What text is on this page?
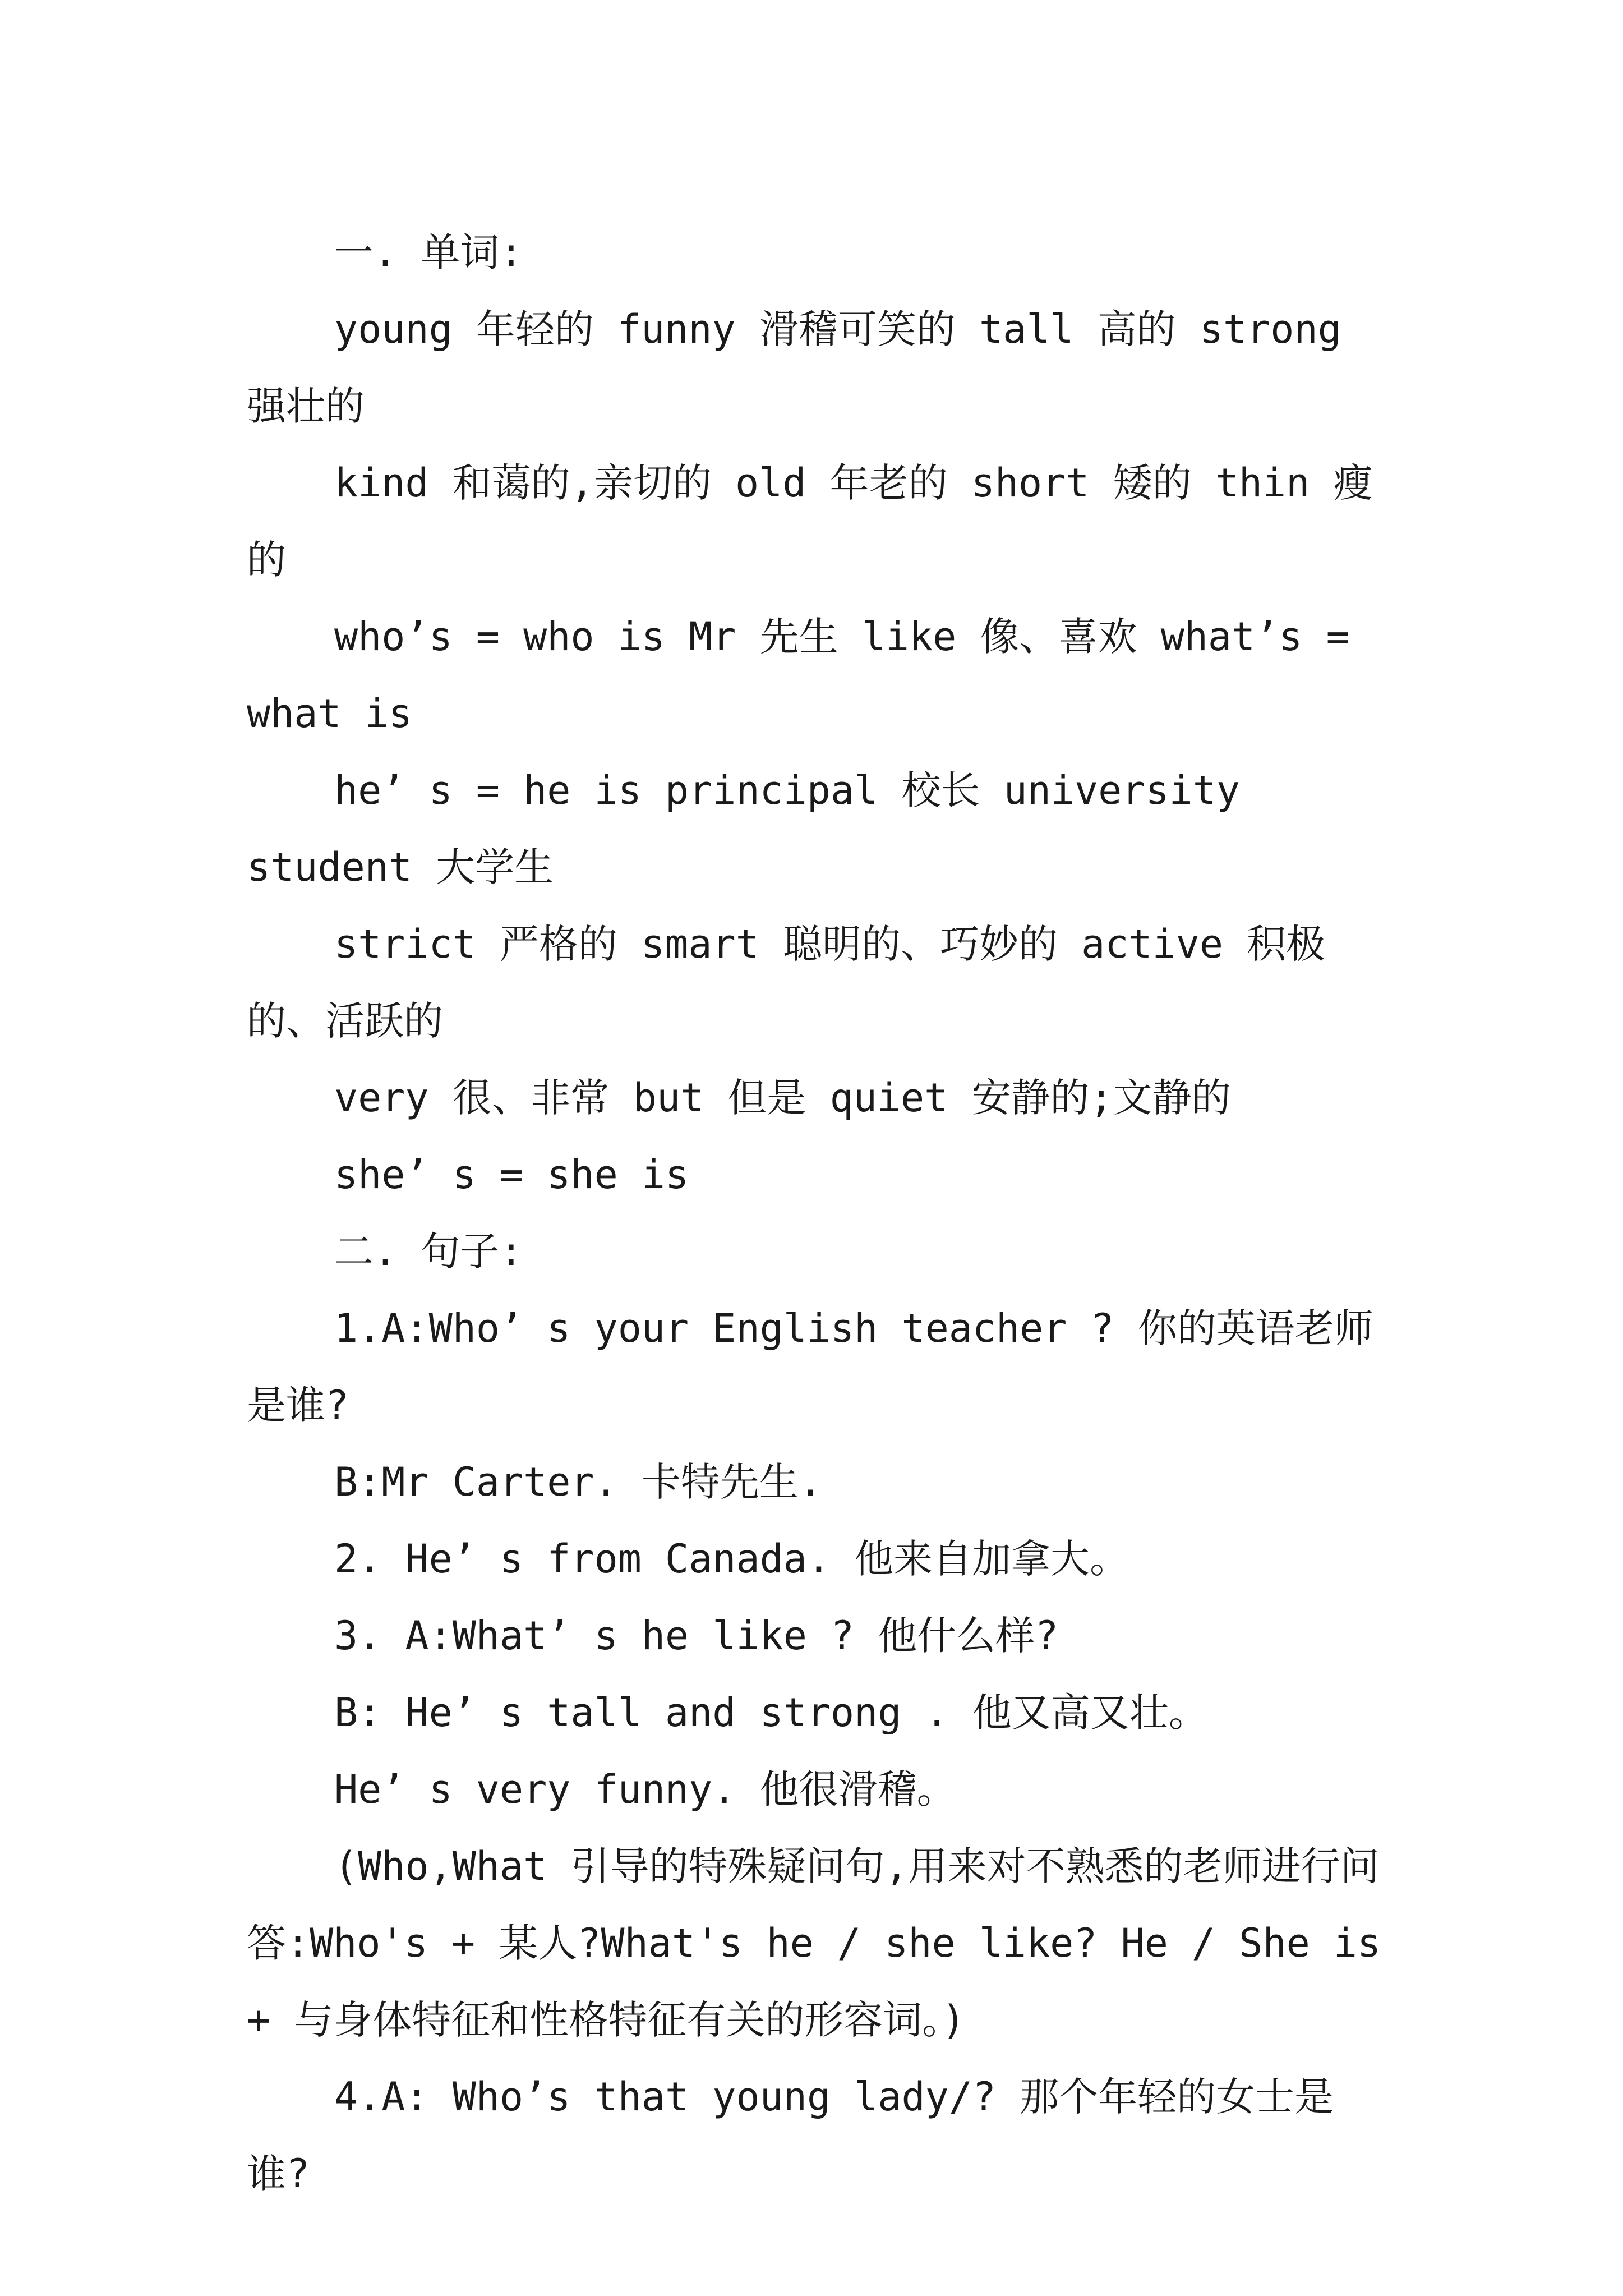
一. 单词:

young 年轻的 funny 滑稽可笑的 tall 高的 strong 强壮的

kind 和蔼的,亲切的 old 年老的 short 矮的 thin 瘦的

who’s = who is Mr 先生 like 像、喜欢 what’s = what is

he’ s = he is principal 校长 university student 大学生

strict 严格的 smart 聪明的、巧妙的 active 积极的、活跃的

very 很、非常 but 但是 quiet 安静的;文静的

she’ s = she is

二. 句子:

1.A:Who’ s your English teacher ? 你的英语老师是谁?

B:Mr Carter. 卡特先生.

2. He’ s from Canada. 他来自加拿大。

3. A:What’ s he like ? 他什么样?

B: He’ s tall and strong . 他又高又壮。

He’ s very funny. 他很滑稽。

(Who,What 引导的特殊疑问句,用来对不熟悉的老师进行问答:Who's + 某人?What's he / she like? He / She is + 与身体特征和性格特征有关的形容词。)

4.A: Who’s that young lady/? 那个年轻的女士是谁?
